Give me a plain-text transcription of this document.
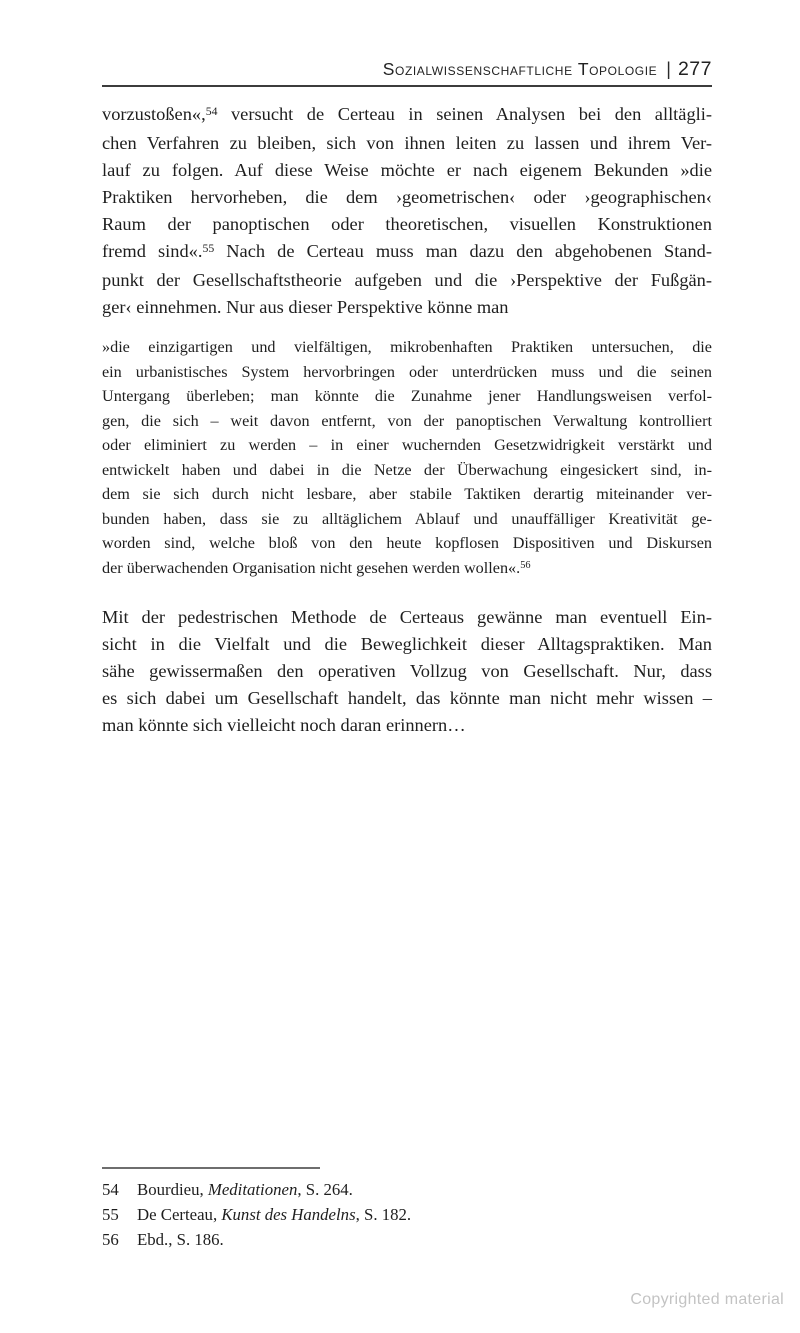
Sozialwissenschaftliche Topologie | 277
vorzustoßen«,$^{54}$ versucht de Certeau in seinen Analysen bei den alltägli-
chen Verfahren zu bleiben, sich von ihnen leiten zu lassen und ihrem Ver-
lauf zu folgen. Auf diese Weise möchte er nach eigenem Bekunden »die
Praktiken hervorheben, die dem ›geometrischen‹ oder ›geographischen‹
Raum der panoptischen oder theoretischen, visuellen Konstruktionen
fremd sind«.$^{55}$ Nach de Certeau muss man dazu den abgehobenen Stand-
punkt der Gesellschaftstheorie aufgeben und die ›Perspektive der Fußgän-
ger‹ einnehmen. Nur aus dieser Perspektive könne man
»die einzigartigen und vielfältigen, mikrobenhaften Praktiken untersuchen, die
ein urbanistisches System hervorbringen oder unterdrücken muss und die seinen
Untergang überleben; man könnte die Zunahme jener Handlungsweisen verfol-
gen, die sich – weit davon entfernt, von der panoptischen Verwaltung kontrolliert
oder eliminiert zu werden – in einer wuchernden Gesetzwidrigkeit verstärkt und
entwickelt haben und dabei in die Netze der Überwachung eingesickert sind, in-
dem sie sich durch nicht lesbare, aber stabile Taktiken derartig miteinander ver-
bunden haben, dass sie zu alltäglichem Ablauf und unauffälliger Kreativität ge-
worden sind, welche bloß von den heute kopflosen Dispositiven und Diskursen
der überwachenden Organisation nicht gesehen werden wollen«.$^{56}$
Mit der pedestrischen Methode de Certeaus gewänne man eventuell Ein-
sicht in die Vielfalt und die Beweglichkeit dieser Alltagspraktiken. Man
sähe gewissermaßen den operativen Vollzug von Gesellschaft. Nur, dass
es sich dabei um Gesellschaft handelt, das könnte man nicht mehr wissen –
man könnte sich vielleicht noch daran erinnern…
54	Bourdieu, Meditationen, S. 264.
55	De Certeau, Kunst des Handelns, S. 182.
56	Ebd., S. 186.
Copyrighted material
